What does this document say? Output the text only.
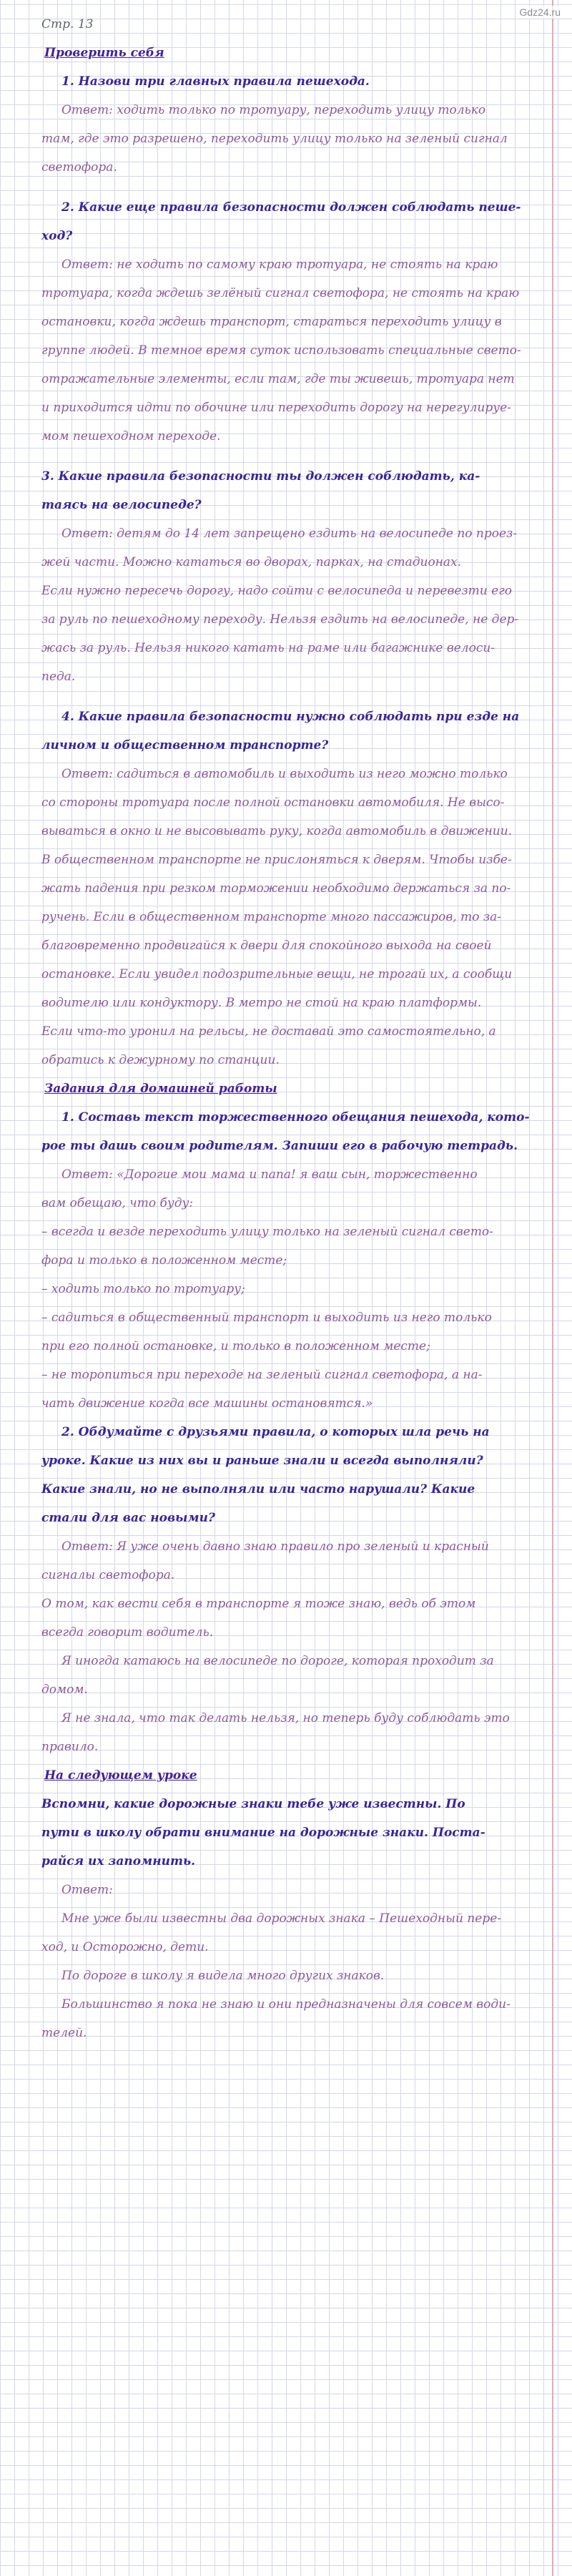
Gdz24.ru

Стр. 13

Проверить себя

1. Назови три главных правила пешехода.

Ответ: ходить только по тротуару, переходить улицу только

там, где это разрешено, переходить улицу только на зеленый сигнал

светофора.

2. Какие еще правила безопасности должен соблюдать пеше-

ход?

Ответ: не ходить по самому краю тротуара, не стоять на краю

тротуара, когда ждешь зелёный сигнал светофора, не стоять на краю

остановки, когда ждешь транспорт, стараться переходить улицу в

группе людей. В темное время суток использовать специальные свето-

отражательные элементы, если там, где ты живешь, тротуара нет

и приходится идти по обочине или переходить дорогу на нерегулируе-

мом пешеходном переходе.

3. Какие правила безопасности ты должен соблюдать, ка-

таясь на велосипеде?

Ответ: детям до 14 лет запрещено ездить на велосипеде по проез-

жей части. Можно кататься во дворах, парках, на стадионах.

Если нужно пересечь дорогу, надо сойти с велосипеда и перевезти его

за руль по пешеходному переходу. Нельзя ездить на велосипеде, не дер-

жась за руль. Нельзя никого катать на раме или багажнике велоси-

педа.

4. Какие правила безопасности нужно соблюдать при езде на

личном и общественном транспорте?

Ответ: садиться в автомобиль и выходить из него можно только

со стороны тротуара после полной остановки автомобиля. Не высо-

вываться в окно и не высовывать руку, когда автомобиль в движении.

В общественном транспорте не прислоняться к дверям. Чтобы избе-

жать падения при резком торможении необходимо держаться за по-

ручень. Если в общественном транспорте много пассажиров, то за-

благовременно продвигайся к двери для спокойного выхода на своей

остановке. Если увидел подозрительные вещи, не трогай их, а сообщи

водителю или кондуктору. В метро не стой на краю платформы.

Если что-то уронил на рельсы, не доставай это самостоятельно, а

обратись к дежурному по станции.

Задания для домашней работы

1. Составь текст торжественного обещания пешехода, кото-

рое ты дашь своим родителям. Запиши его в рабочую тетрадь.

Ответ: «Дорогие мои мама и папа! я ваш сын, торжественно

вам обещаю, что буду:

– всегда и везде переходить улицу только на зеленый сигнал свето-

фора и только в положенном месте;

– ходить только по тротуару;

– садиться в общественный транспорт и выходить из него только

при его полной остановке, и только в положенном месте;

– не торопиться при переходе на зеленый сигнал светофора, а на-

чать движение когда все машины остановятся.»

2. Обдумайте с друзьями правила, о которых шла речь на

уроке. Какие из них вы и раньше знали и всегда выполняли?

Какие знали, но не выполняли или часто нарушали? Какие

стали для вас новыми?

Ответ: Я уже очень давно знаю правило про зеленый и красный

сигналы светофора.

О том, как вести себя в транспорте я тоже знаю, ведь об этом

всегда говорит водитель.

Я иногда катаюсь на велосипеде по дороге, которая проходит за

домом.

Я не знала, что так делать нельзя, но теперь буду соблюдать это

правило.

На следующем уроке

Вспомни, какие дорожные знаки тебе уже известны. По

пути в школу обрати внимание на дорожные знаки. Поста-

райся их запомнить.

Ответ:

Мне уже были известны два дорожных знака – Пешеходный пере-

ход, и Осторожно, дети.

По дороге в школу я видела много других знаков.

Большинство я пока не знаю и они предназначены для совсем води-

телей.
